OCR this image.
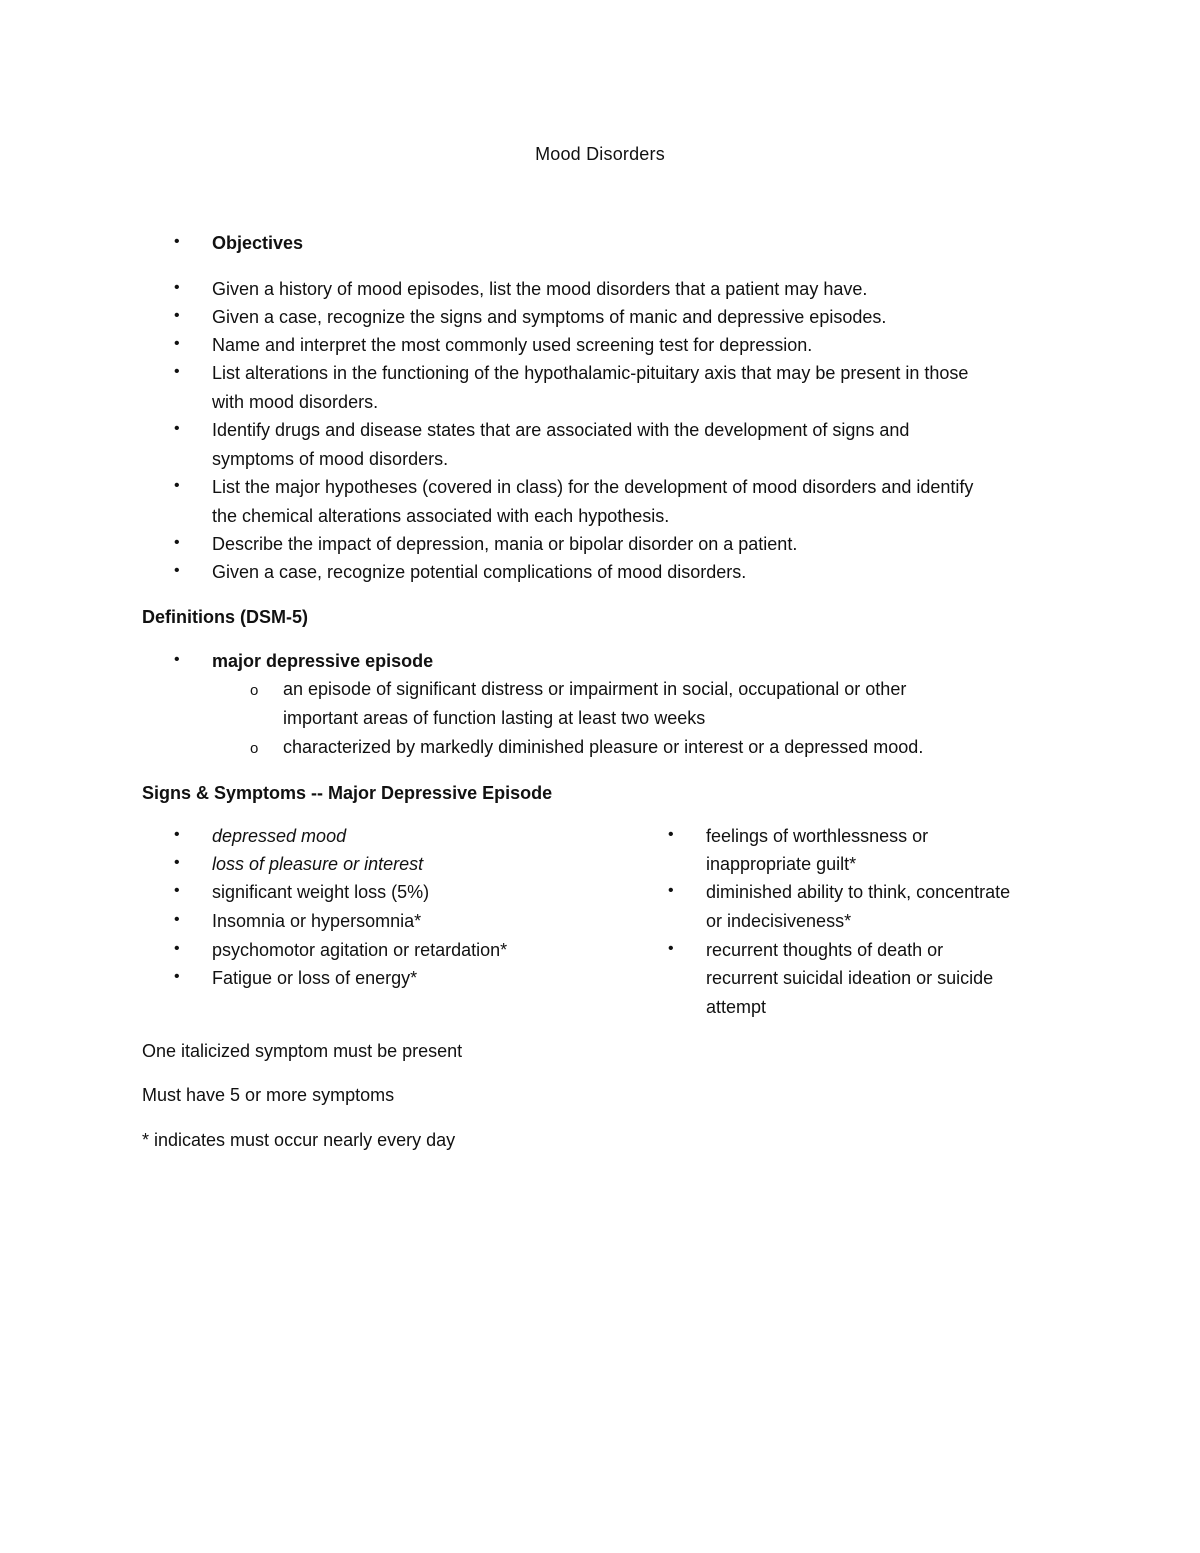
Mood Disorders
• Objectives
• Given a history of mood episodes, list the mood disorders that a patient may have.
• Given a case, recognize the signs and symptoms of manic and depressive episodes.
• Name and interpret the most commonly used screening test for depression.
• List alterations in the functioning of the hypothalamic-pituitary axis that may be present in those
with mood disorders.
• Identify drugs and disease states that are associated with the development of signs and
symptoms of mood disorders.
• List the major hypotheses (covered in class) for the development of mood disorders and identify
the chemical alterations associated with each hypothesis.
• Describe the impact of depression, mania or bipolar disorder on a patient.
• Given a case, recognize potential complications of mood disorders.
Definitions (DSM-5)
• major depressive episode
o an episode of significant distress or impairment in social, occupational or other
important areas of function lasting at least two weeks
o characterized by markedly diminished pleasure or interest or a depressed mood.
Signs & Symptoms -- Major Depressive Episode
• depressed mood
• loss of pleasure or interest
• significant weight loss (5%)
• Insomnia or hypersomnia*
• psychomotor agitation or retardation*
• Fatigue or loss of energy*
• feelings of worthlessness or
inappropriate guilt*
• diminished ability to think, concentrate
or indecisiveness*
• recurrent thoughts of death or
recurrent suicidal ideation or suicide
attempt
One italicized symptom must be present
Must have 5 or more symptoms
* indicates must occur nearly every day
